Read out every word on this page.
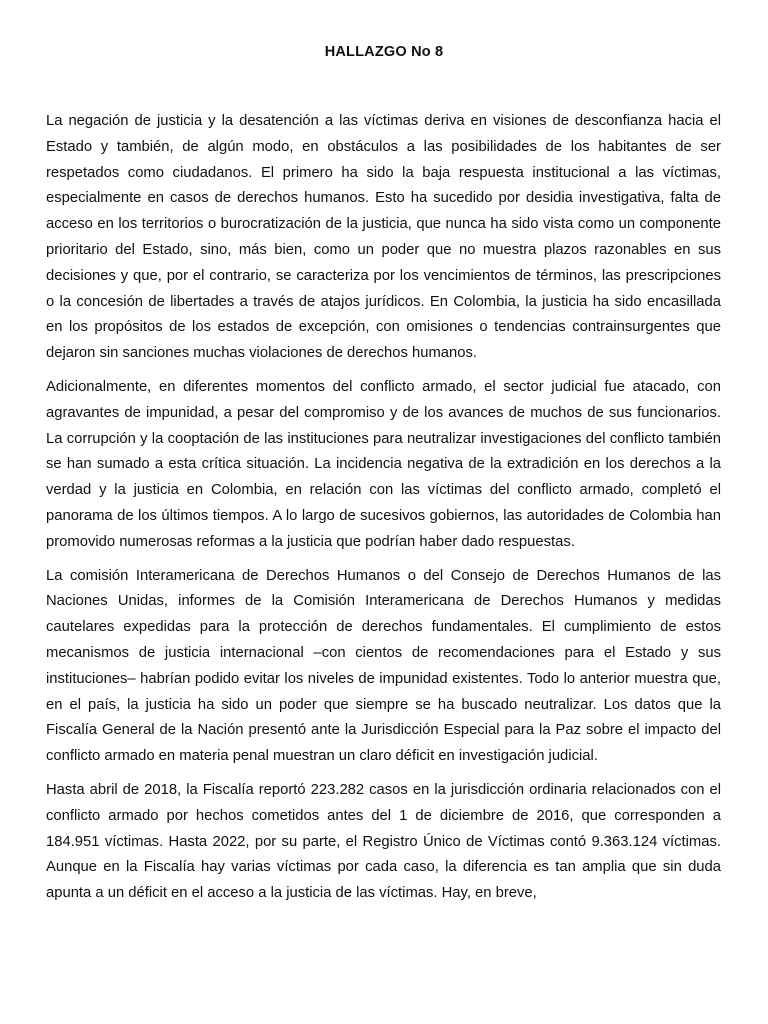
HALLAZGO No 8

La negación de justicia y la desatención a las víctimas deriva en visiones de desconfianza hacia el Estado y también, de algún modo, en obstáculos a las posibilidades de los habitantes de ser respetados como ciudadanos. El primero ha sido la baja respuesta institucional a las víctimas, especialmente en casos de derechos humanos. Esto ha sucedido por desidia investigativa, falta de acceso en los territorios o burocratización de la justicia, que nunca ha sido vista como un componente prioritario del Estado, sino, más bien, como un poder que no muestra plazos razonables en sus decisiones y que, por el contrario, se caracteriza por los vencimientos de términos, las prescripciones o la concesión de libertades a través de atajos jurídicos. En Colombia, la justicia ha sido encasillada en los propósitos de los estados de excepción, con omisiones o tendencias contrainsurgentes que dejaron sin sanciones muchas violaciones de derechos humanos.

Adicionalmente, en diferentes momentos del conflicto armado, el sector judicial fue atacado, con agravantes de impunidad, a pesar del compromiso y de los avances de muchos de sus funcionarios. La corrupción y la cooptación de las instituciones para neutralizar investigaciones del conflicto también se han sumado a esta crítica situación. La incidencia negativa de la extradición en los derechos a la verdad y la justicia en Colombia, en relación con las víctimas del conflicto armado, completó el panorama de los últimos tiempos. A lo largo de sucesivos gobiernos, las autoridades de Colombia han promovido numerosas reformas a la justicia que podrían haber dado respuestas.

La comisión Interamericana de Derechos Humanos o del Consejo de Derechos Humanos de las Naciones Unidas, informes de la Comisión Interamericana de Derechos Humanos y medidas cautelares expedidas para la protección de derechos fundamentales. El cumplimiento de estos mecanismos de justicia internacional –con cientos de recomendaciones para el Estado y sus instituciones– habrían podido evitar los niveles de impunidad existentes. Todo lo anterior muestra que, en el país, la justicia ha sido un poder que siempre se ha buscado neutralizar. Los datos que la Fiscalía General de la Nación presentó ante la Jurisdicción Especial para la Paz sobre el impacto del conflicto armado en materia penal muestran un claro déficit en investigación judicial.

Hasta abril de 2018, la Fiscalía reportó 223.282 casos en la jurisdicción ordinaria relacionados con el conflicto armado por hechos cometidos antes del 1 de diciembre de 2016, que corresponden a 184.951 víctimas. Hasta 2022, por su parte, el Registro Único de Víctimas contó 9.363.124 víctimas. Aunque en la Fiscalía hay varias víctimas por cada caso, la diferencia es tan amplia que sin duda apunta a un déficit en el acceso a la justicia de las víctimas. Hay, en breve,
